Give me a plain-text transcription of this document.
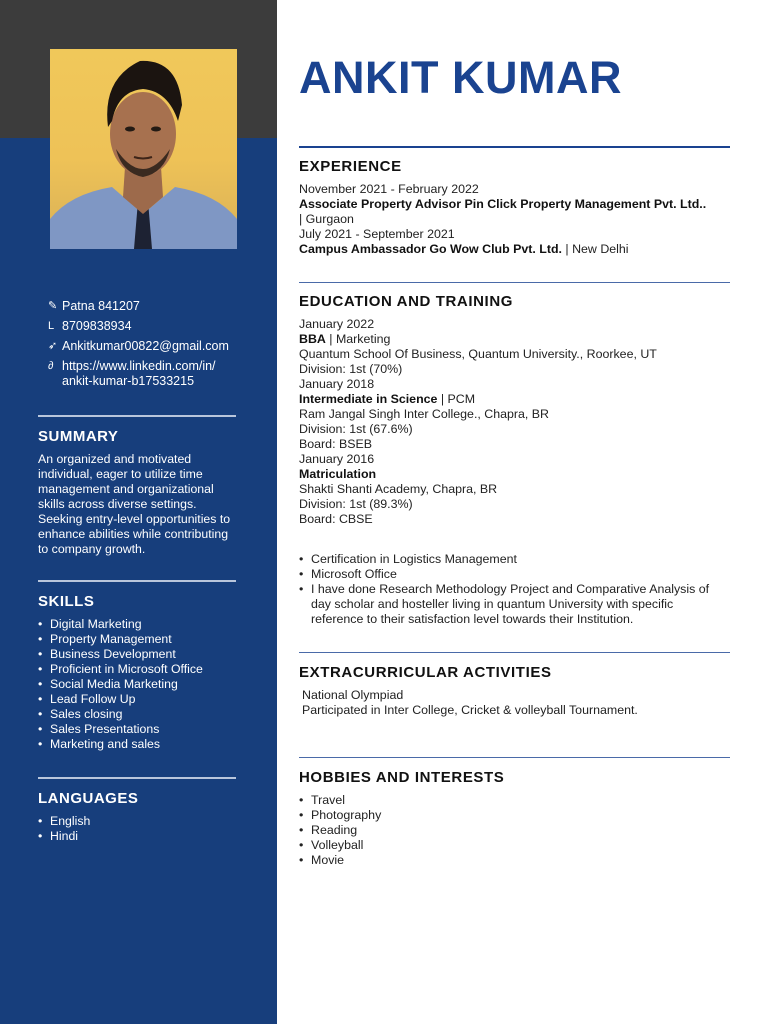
✎ Patna 841207
L 8709838934
➶ Ankitkumar00822@gmail.com
∂ https://www.linkedin.com/in/ ankit-kumar-b17533215
SUMMARY
An organized and motivated individual, eager to utilize time management and organizational skills across diverse settings. Seeking entry-level opportunities to enhance abilities while contributing to company growth.
SKILLS
• Digital Marketing
• Property Management
• Business Development
• Proficient in Microsoft Office
• Social Media Marketing
• Lead Follow Up
• Sales closing
• Sales Presentations
• Marketing and sales
LANGUAGES
• English
• Hindi
ANKIT KUMAR
EXPERIENCE
November 2021 - February 2022
Associate Property Advisor Pin Click Property Management Pvt. Ltd..
| Gurgaon
July 2021 - September 2021
Campus Ambassador Go Wow Club Pvt. Ltd. | New Delhi
EDUCATION AND TRAINING
January 2022
BBA | Marketing
Quantum School Of Business, Quantum University., Roorkee, UT
Division: 1st (70%)
January 2018
Intermediate in Science | PCM
Ram Jangal Singh Inter College., Chapra, BR
Division: 1st (67.6%)
Board: BSEB
January 2016
Matriculation
Shakti Shanti Academy, Chapra, BR
Division: 1st (89.3%)
Board: CBSE
• Certification in Logistics Management
• Microsoft Office
• I have done Research Methodology Project and Comparative Analysis of day scholar and hosteller living in quantum University with specific reference to their satisfaction level towards their Institution.
EXTRACURRICULAR ACTIVITIES
National Olympiad
Participated in Inter College, Cricket & volleyball Tournament.
HOBBIES AND INTERESTS
• Travel
• Photography
• Reading
• Volleyball
• Movie
